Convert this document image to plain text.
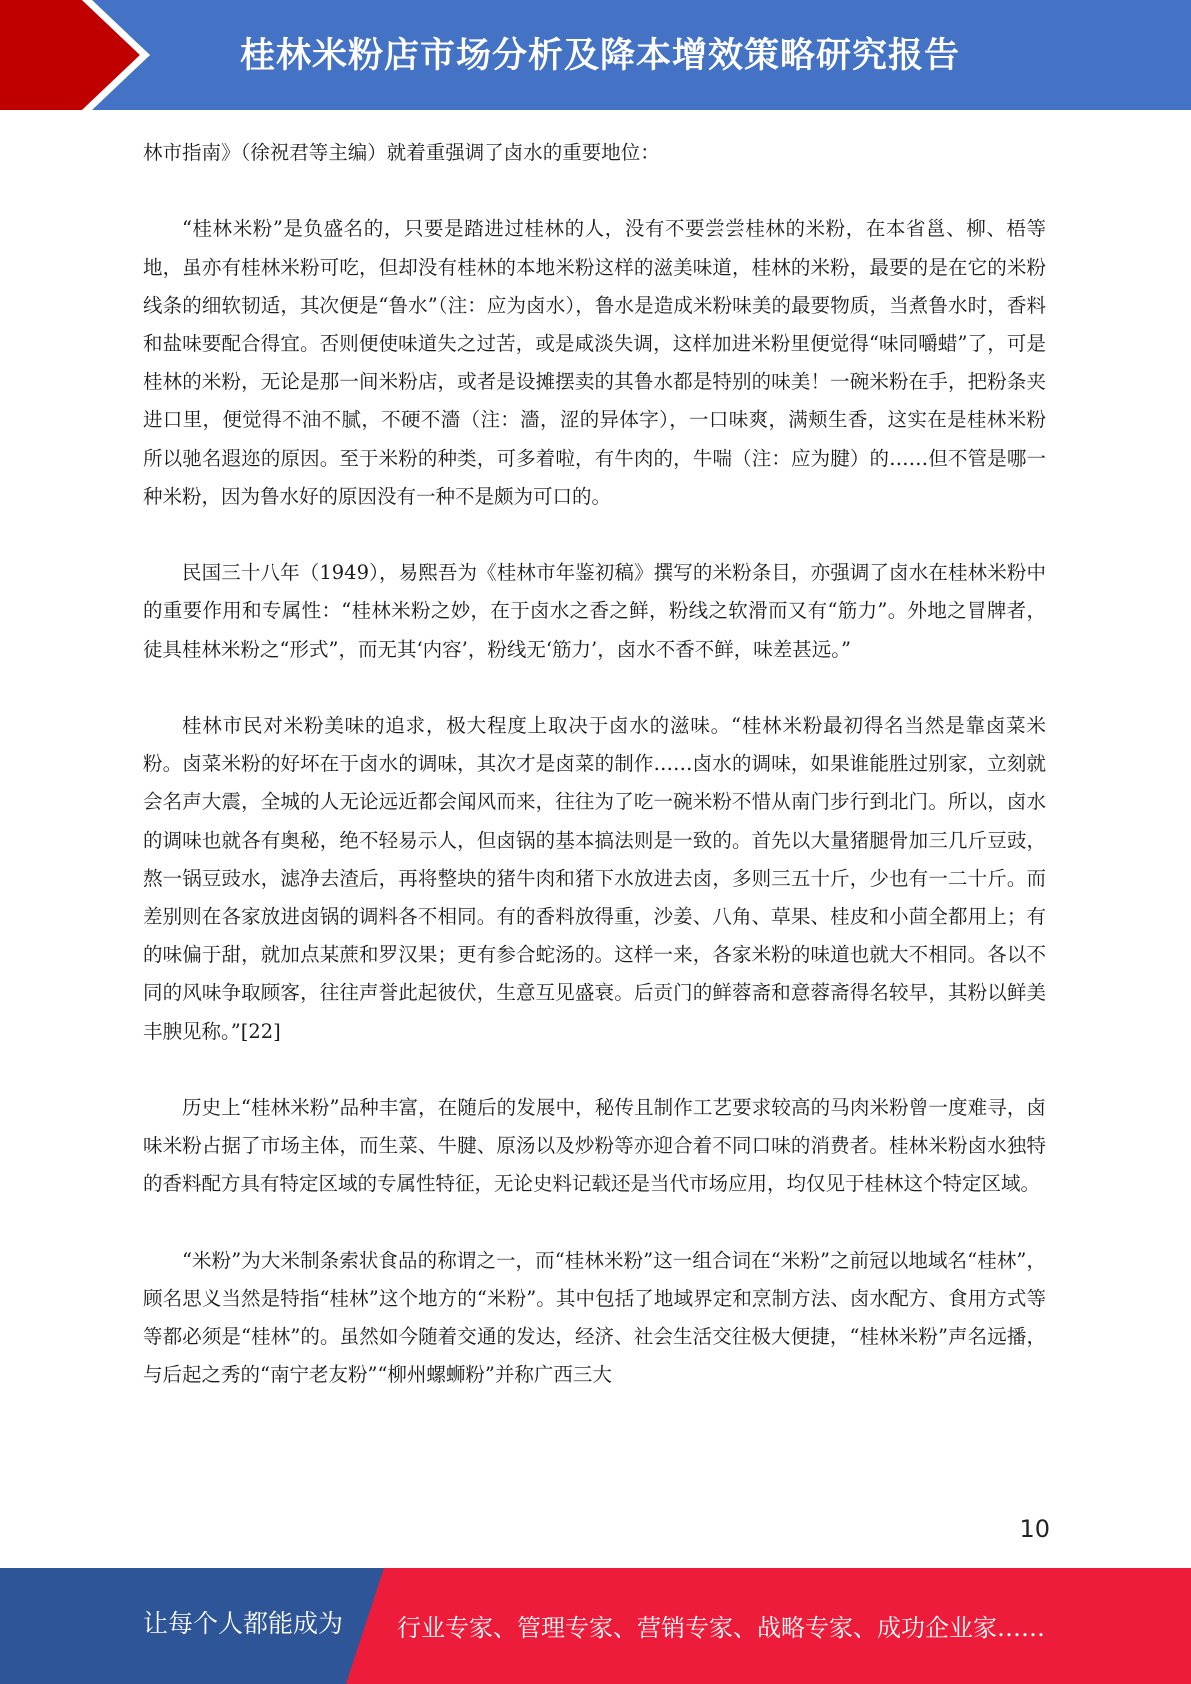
桂林米粉店市场分析及降本增效策略研究报告

林市指南》（徐祝君等主编）就着重强调了卤水的重要地位：

“桂林米粉”是负盛名的，只要是踏进过桂林的人，没有不要尝尝桂林的米粉，在本省邕、柳、梧等地，虽亦有桂林米粉可吃，但却没有桂林的本地米粉这样的滋美味道，桂林的米粉，最要的是在它的米粉线条的细软韧适，其次便是“鲁水”（注：应为卤水），鲁水是造成米粉味美的最要物质，当煮鲁水时，香料和盐味要配合得宜。否则便使味道失之过苦，或是咸淡失调，这样加进米粉里便觉得“味同嚼蜡”了，可是桂林的米粉，无论是那一间米粉店，或者是设摊摆卖的其鲁水都是特别的味美！一碗米粉在手，把粉条夹进口里，便觉得不油不腻，不硬不濇（注：濇，涩的异体字），一口味爽，满颊生香，这实在是桂林米粉所以驰名遐迩的原因。至于米粉的种类，可多着啦，有牛肉的，牛喘（注：应为腱）的……但不管是哪一种米粉，因为鲁水好的原因没有一种不是颇为可口的。

民国三十八年（1949），易熙吾为《桂林市年鉴初稿》撰写的米粉条目，亦强调了卤水在桂林米粉中的重要作用和专属性：“桂林米粉之妙，在于卤水之香之鲜，粉线之软滑而又有“筋力”。外地之冒牌者，徒具桂林米粉之“形式”，而无其‘内容’，粉线无‘筋力’，卤水不香不鲜，味差甚远。”

桂林市民对米粉美味的追求，极大程度上取决于卤水的滋味。“桂林米粉最初得名当然是靠卤菜米粉。卤菜米粉的好坏在于卤水的调味，其次才是卤菜的制作……卤水的调味，如果谁能胜过别家，立刻就会名声大震，全城的人无论远近都会闻风而来，往往为了吃一碗米粉不惜从南门步行到北门。所以，卤水的调味也就各有奥秘，绝不轻易示人，但卤锅的基本搞法则是一致的。首先以大量猪腿骨加三几斤豆豉，熬一锅豆豉水，滤净去渣后，再将整块的猪牛肉和猪下水放进去卤，多则三五十斤，少也有一二十斤。而差别则在各家放进卤锅的调料各不相同。有的香料放得重，沙姜、八角、草果、桂皮和小茴全都用上；有的味偏于甜，就加点某蔗和罗汉果；更有参合蛇汤的。这样一来，各家米粉的味道也就大不相同。各以不同的风味争取顾客，往往声誉此起彼伏，生意互见盛衰。后贡门的鲜蓉斋和意蓉斋得名较早，其粉以鲜美丰腴见称。”[22]

历史上“桂林米粉”品种丰富，在随后的发展中，秘传且制作工艺要求较高的马肉米粉曾一度难寻，卤味米粉占据了市场主体，而生菜、牛腱、原汤以及炒粉等亦迎合着不同口味的消费者。桂林米粉卤水独特的香料配方具有特定区域的专属性特征，无论史料记载还是当代市场应用，均仅见于桂林这个特定区域。

“米粉”为大米制条索状食品的称谓之一，而“桂林米粉”这一组合词在“米粉”之前冠以地域名“桂林”，顾名思义当然是特指“桂林”这个地方的“米粉”。其中包括了地域界定和烹制方法、卤水配方、食用方式等等都必须是“桂林”的。虽然如今随着交通的发达，经济、社会生活交往极大便捷，“桂林米粉”声名远播，与后起之秀的“南宁老友粉”“柳州螺蛳粉”并称广西三大

10
让每个人都能成为 行业专家、管理专家、营销专家、战略专家、成功企业家……
